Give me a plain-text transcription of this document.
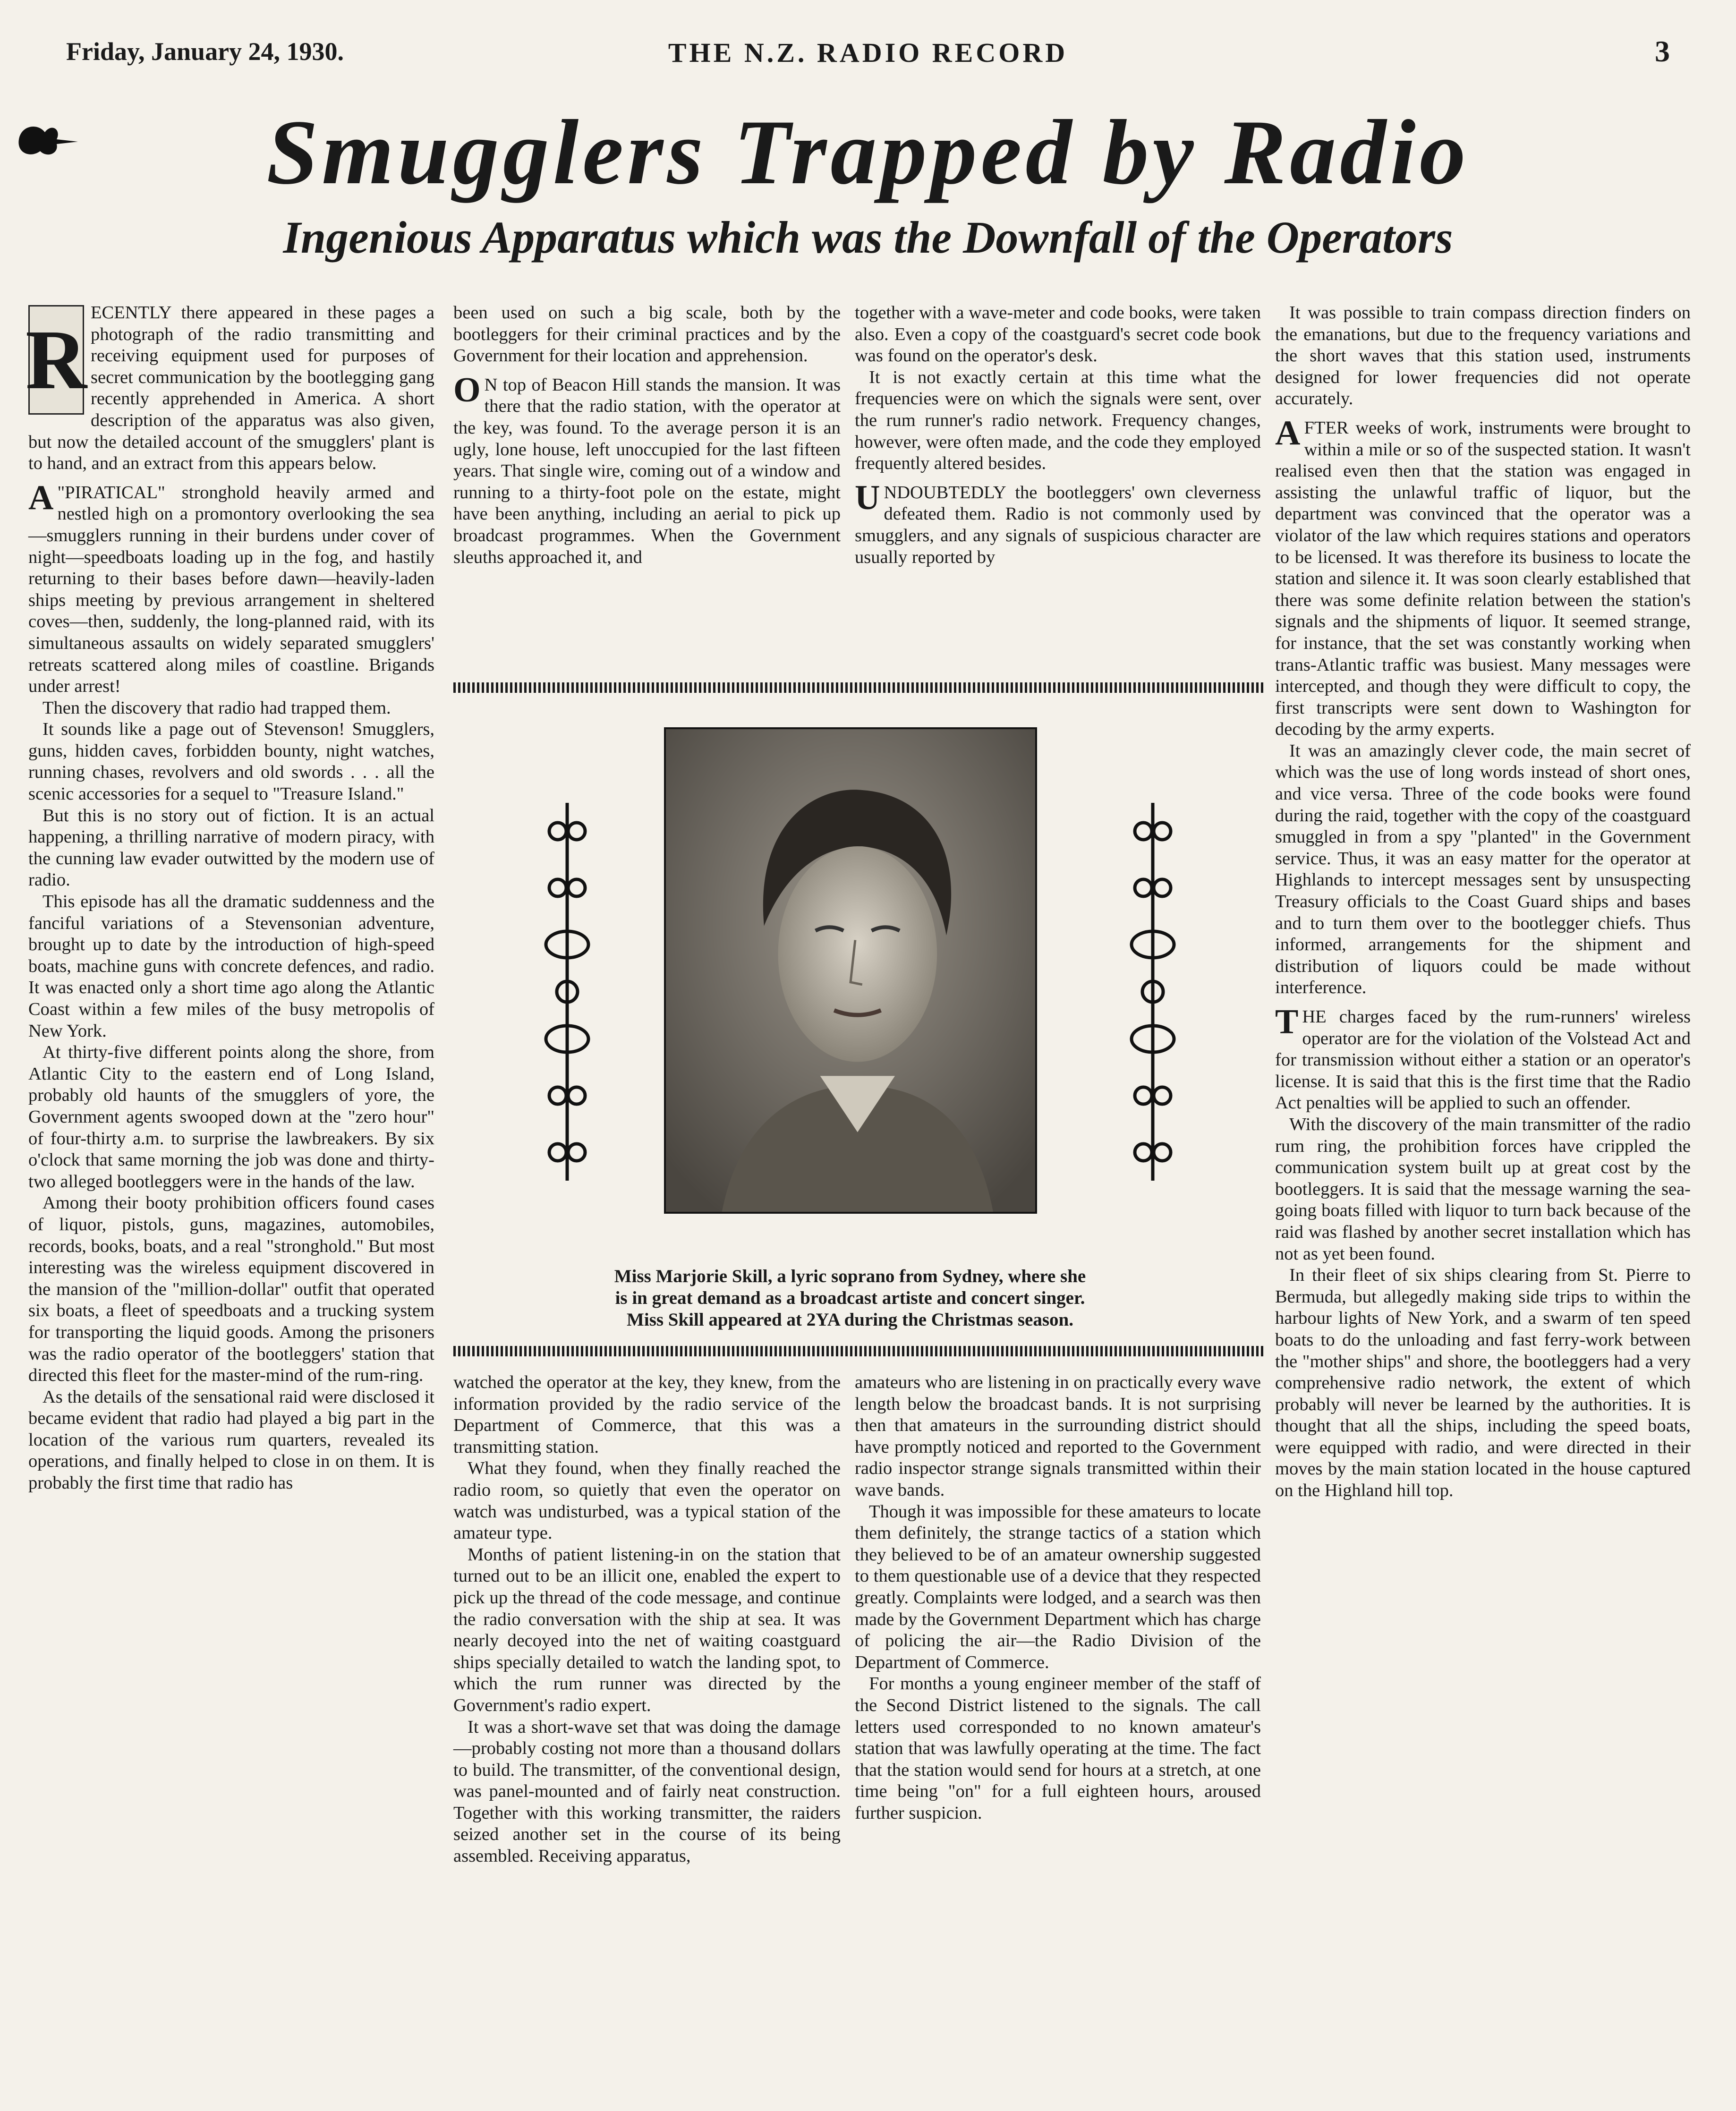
Friday, January 24, 1930.	THE N.Z. RADIO RECORD	3
Smugglers Trapped by Radio
Ingenious Apparatus which was the Downfall of the Operators

R
ECENTLY there appeared in these pages a photograph of the radio transmitting and receiving equipment used for purposes of secret communication by the bootlegging gang recently apprehended in America. A short description of the apparatus was also given, but now the detailed account of the smugglers' plant is to hand, and an extract from this appears below.

A "PIRATICAL" stronghold heavily armed and nestled high on a promontory overlooking the sea—smugglers running in their burdens under cover of night—speedboats loading up in the fog, and hastily returning to their bases before dawn—heavily-laden ships meeting by previous arrangement in sheltered coves—then, suddenly, the long-planned raid, with its simultaneous assaults on widely separated smugglers' retreats scattered along miles of coastline. Brigands under arrest!

Then the discovery that radio had trapped them.

It sounds like a page out of Stevenson! Smugglers, guns, hidden caves, forbidden bounty, night watches, running chases, revolvers and old swords . . . all the scenic accessories for a sequel to "Treasure Island."

But this is no story out of fiction. It is an actual happening, a thrilling narrative of modern piracy, with the cunning law evader outwitted by the modern use of radio.

This episode has all the dramatic suddenness and the fanciful variations of a Stevensonian adventure, brought up to date by the introduction of high-speed boats, machine guns with concrete defences, and radio. It was enacted only a short time ago along the Atlantic Coast within a few miles of the busy metropolis of New York.

At thirty-five different points along the shore, from Atlantic City to the eastern end of Long Island, probably old haunts of the smugglers of yore, the Government agents swooped down at the "zero hour" of four-thirty a.m. to surprise the lawbreakers. By six o'clock that same morning the job was done and thirty-two alleged bootleggers were in the hands of the law.

Among their booty prohibition officers found cases of liquor, pistols, guns, magazines, automobiles, records, books, boats, and a real "stronghold." But most interesting was the wireless equipment discovered in the mansion of the "million-dollar" outfit that operated six boats, a fleet of speedboats and a trucking system for transporting the liquid goods. Among the prisoners was the radio operator of the bootleggers' station that directed this fleet for the master-mind of the rum-ring.

As the details of the sensational raid were disclosed it became evident that radio had played a big part in the location of the various rum quarters, revealed its operations, and finally helped to close in on them. It is probably the first time that radio has

been used on such a big scale, both by the bootleggers for their criminal practices and by the Government for their location and apprehension.

O N top of Beacon Hill stands the mansion. It was there that the radio station, with the operator at the key, was found. To the average person it is an ugly, lone house, left unoccupied for the last fifteen years. That single wire, coming out of a window and running to a thirty-foot pole on the estate, might have been anything, including an aerial to pick up broadcast programmes. When the Government sleuths approached it, and

together with a wave-meter and code books, were taken also. Even a copy of the coastguard's secret code book was found on the operator's desk.

It is not exactly certain at this time what the frequencies were on which the signals were sent, over the rum runner's radio network. Frequency changes, however, were often made, and the code they employed frequently altered besides.

UNDOUBTEDLY the bootleggers' own cleverness defeated them. Radio is not commonly used by smugglers, and any signals of suspicious character are usually reported by

Miss Marjorie Skill, a lyric soprano from Sydney, where she
is in great demand as a broadcast artiste and concert singer.
Miss Skill appeared at 2YA during the Christmas season.

watched the operator at the key, they knew, from the information provided by the radio service of the Department of Commerce, that this was a transmitting station.

What they found, when they finally reached the radio room, so quietly that even the operator on watch was undisturbed, was a typical station of the amateur type.

Months of patient listening-in on the station that turned out to be an illicit one, enabled the expert to pick up the thread of the code message, and continue the radio conversation with the ship at sea. It was nearly decoyed into the net of waiting coastguard ships specially detailed to watch the landing spot, to which the rum runner was directed by the Government's radio expert.

It was a short-wave set that was doing the damage—probably costing not more than a thousand dollars to build. The transmitter, of the conventional design, was panel-mounted and of fairly neat construction. Together with this working transmitter, the raiders seized another set in the course of its being assembled. Receiving apparatus,

amateurs who are listening in on practically every wave length below the broadcast bands. It is not surprising then that amateurs in the surrounding district should have promptly noticed and reported to the Government radio inspector strange signals transmitted within their wave bands.

Though it was impossible for these amateurs to locate them definitely, the strange tactics of a station which they believed to be of an amateur ownership suggested to them questionable use of a device that they respected greatly. Complaints were lodged, and a search was then made by the Government Department which has charge of policing the air—the Radio Division of the Department of Commerce.

For months a young engineer member of the staff of the Second District listened to the signals. The call letters used corresponded to no known amateur's station that was lawfully operating at the time. The fact that the station would send for hours at a stretch, at one time being "on" for a full eighteen hours, aroused further suspicion.

It was possible to train compass direction finders on the emanations, but due to the frequency variations and the short waves that this station used, instruments designed for lower frequencies did not operate accurately.

AFTER weeks of work, instruments were brought to within a mile or so of the suspected station. It wasn't realised even then that the station was engaged in assisting the unlawful traffic of liquor, but the department was convinced that the operator was a violator of the law which requires stations and operators to be licensed. It was therefore its business to locate the station and silence it. It was soon clearly established that there was some definite relation between the station's signals and the shipments of liquor. It seemed strange, for instance, that the set was constantly working when trans-Atlantic traffic was busiest. Many messages were intercepted, and though they were difficult to copy, the first transcripts were sent down to Washington for decoding by the army experts.

It was an amazingly clever code, the main secret of which was the use of long words instead of short ones, and vice versa. Three of the code books were found during the raid, together with the copy of the coastguard smuggled in from a spy "planted" in the Government service. Thus, it was an easy matter for the operator at Highlands to intercept messages sent by unsuspecting Treasury officials to the Coast Guard ships and bases and to turn them over to the bootlegger chiefs. Thus informed, arrangements for the shipment and distribution of liquors could be made without interference.

THE charges faced by the rum-runners' wireless operator are for the violation of the Volstead Act and for transmission without either a station or an operator's license. It is said that this is the first time that the Radio Act penalties will be applied to such an offender.

With the discovery of the main transmitter of the radio rum ring, the prohibition forces have crippled the communication system built up at great cost by the bootleggers. It is said that the message warning the sea-going boats filled with liquor to turn back because of the raid was flashed by another secret installation which has not as yet been found.

In their fleet of six ships clearing from St. Pierre to Bermuda, but allegedly making side trips to within the harbour lights of New York, and a swarm of ten speed boats to do the unloading and fast ferry-work between the "mother ships" and shore, the bootleggers had a very comprehensive radio network, the extent of which probably will never be learned by the authorities. It is thought that all the ships, including the speed boats, were equipped with radio, and were directed in their moves by the main station located in the house captured on the Highland hill top.
